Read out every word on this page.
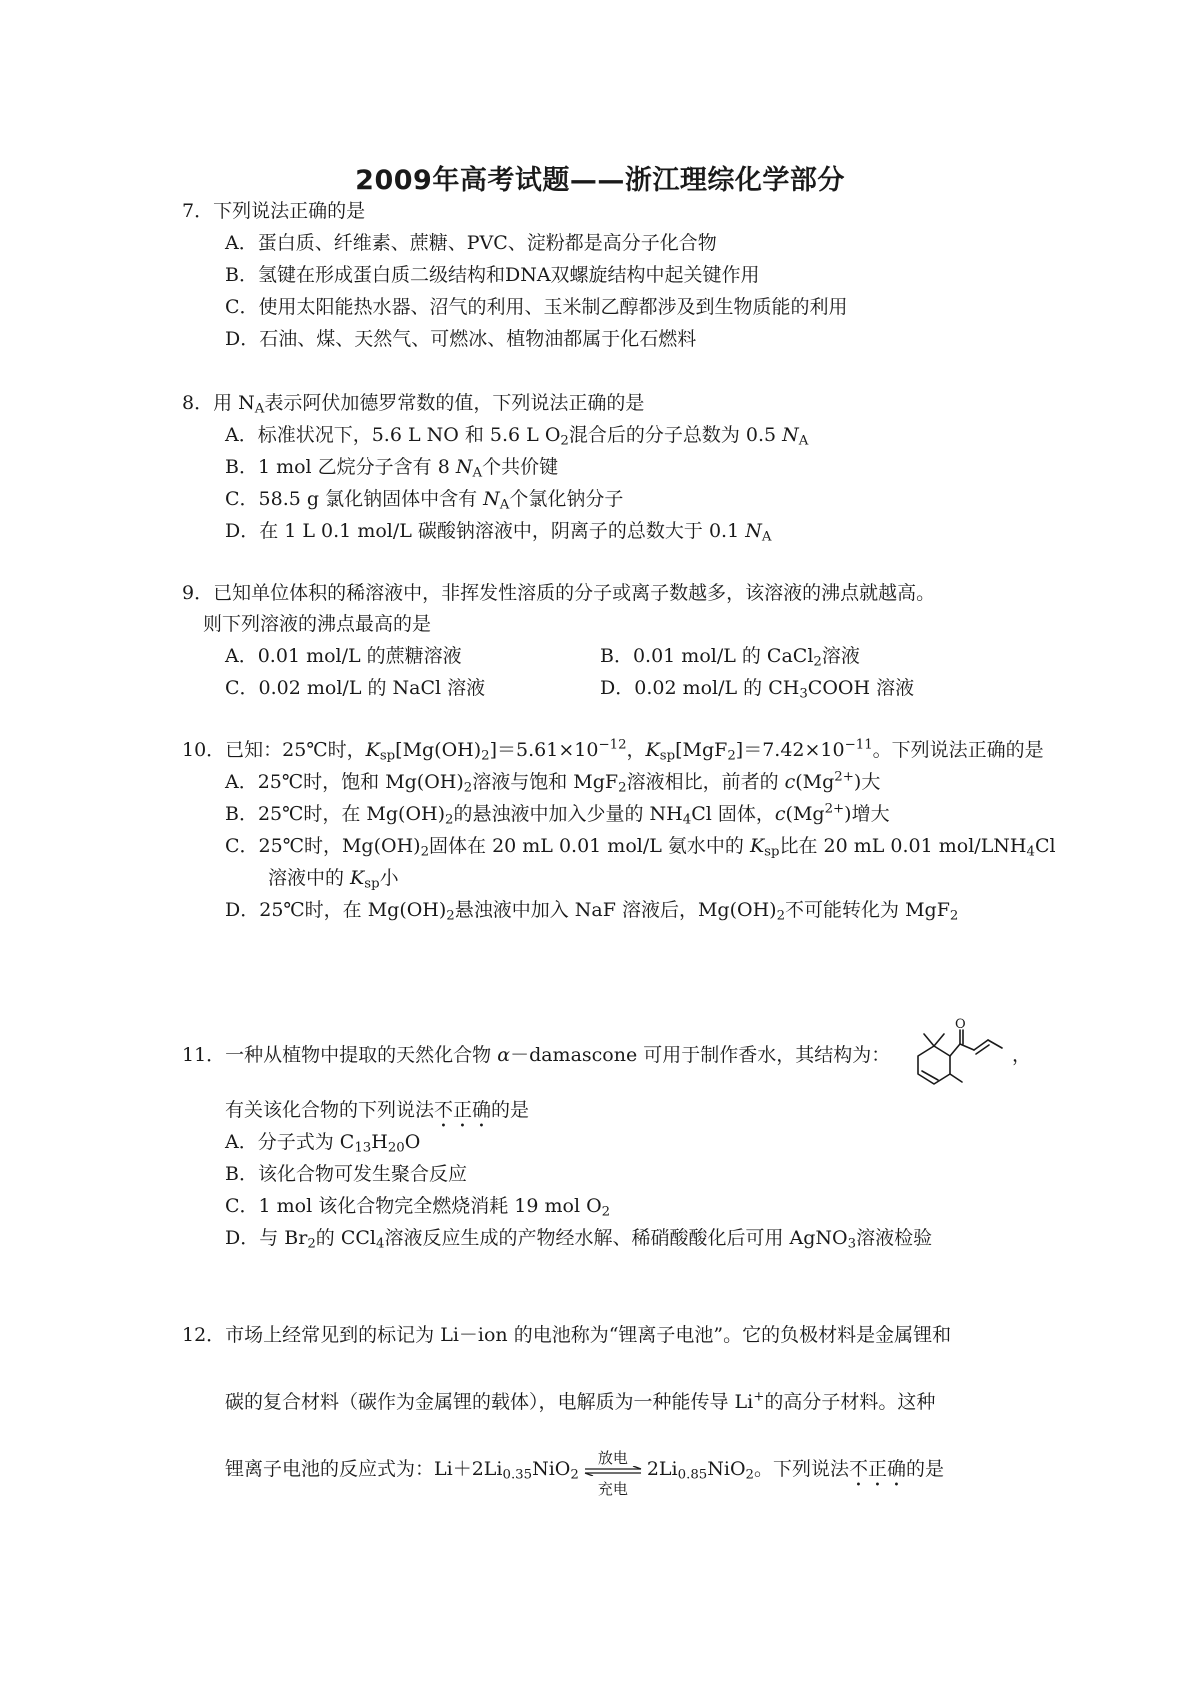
2009年高考试题——浙江理综化学部分
7．下列说法正确的是
A．蛋白质、纤维素、蔗糖、PVC、淀粉都是高分子化合物
B．氢键在形成蛋白质二级结构和DNA双螺旋结构中起关键作用
C．使用太阳能热水器、沼气的利用、玉米制乙醇都涉及到生物质能的利用
D．石油、煤、天然气、可燃冰、植物油都属于化石燃料
8．用 $N_A$表示阿伏加德罗常数的值，下列说法正确的是
A．标准状况下，5.6 L NO 和 5.6 L $O_2$混合后的分子总数为 0.5 $N_A$
B．1 mol 乙烷分子含有 8 $N_A$个共价键
C．58.5 g 氯化钠固体中含有 $N_A$个氯化钠分子
D．在 1 L 0.1 mol/L 碳酸钠溶液中，阴离子的总数大于 0.1 $N_A$
9．已知单位体积的稀溶液中，非挥发性溶质的分子或离子数越多，该溶液的沸点就越高。
则下列溶液的沸点最高的是
A．0.01 mol/L 的蔗糖溶液	B．0.01 mol/L 的 CaCl$_2$溶液
C．0.02 mol/L 的 NaCl 溶液	D．0.02 mol/L 的 $CH_3COOH$ 溶液
10．已知：25℃时，$K_{sp}[Mg(OH)_2]=5.61\times 10^{-12}$，$K_{sp}[MgF_2]=7.42\times 10^{-11}$。下列说法正确的是
A．25℃时，饱和 $Mg(OH)_2$溶液与饱和 MgF$_2$溶液相比，前者的 $c(Mg^{2+})$大
B．25℃时，在 $Mg(OH)_2$的悬浊液中加入少量的 $NH_4Cl$ 固体，$c(Mg^{2+})$增大
C．25℃时，$Mg(OH)_2$固体在 20 mL 0.01 mol/L 氨水中的 $K_{sp}$比在 20 mL 0.01 mol/$LNH_4Cl$
溶液中的 $K_{sp}$小
D．25℃时，在 $Mg(OH)_2$悬浊液中加入 NaF 溶液后，$Mg(OH)_2$不可能转化为 MgF$_2$
11．一种从植物中提取的天然化合物 α－damascone 可用于制作香水，其结构为：
O
，
有关该化合物的下列说法不正确的是
A．分子式为 $C_{13}H_{20}O$
B．该化合物可发生聚合反应
C．1 mol 该化合物完全燃烧消耗 19 mol $O_2$
D．与 $Br_2$的 CCl$_4$溶液反应生成的产物经水解、稀硝酸酸化后可用 AgNO$_3$溶液检验
12．市场上经常见到的标记为 Li－ion 的电池称为“锂离子电池”。它的负极材料是金属锂和
碳的复合材料（碳作为金属锂的载体），电解质为一种能传导 Li+的高分子材料。这种
锂离子电池的反应式为：$Li+2Li_{0.35}NiO_2$
放电
充电
$2Li_{0.85}NiO_2$。下列说法不正确的是
